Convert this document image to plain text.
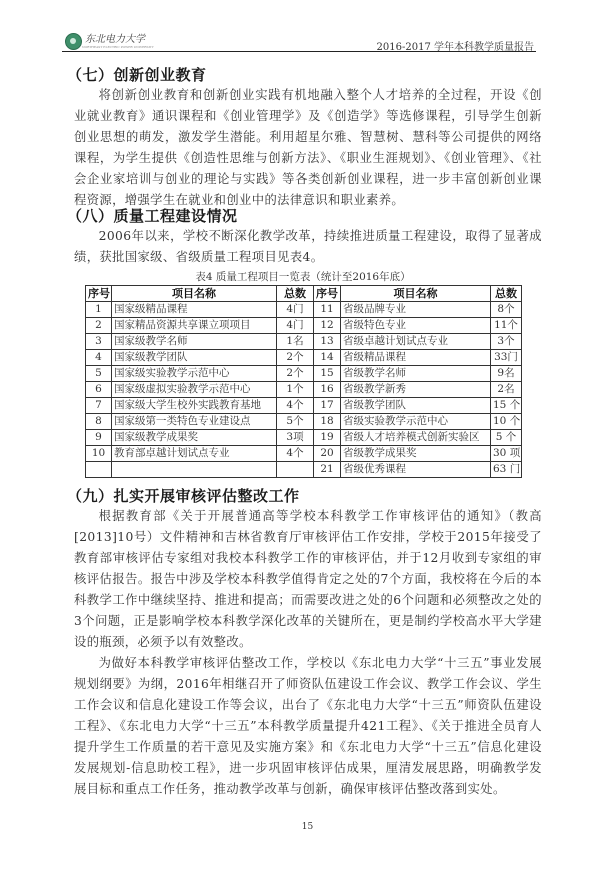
东北电力大学
NORTHEAST ELECTRIC POWER UNIVERSITY	2016-2017 学年本科教学质量报告
（七）创新创业教育
将创新创业教育和创新创业实践有机地融入整个人才培养的全过程，开设《创业就业教育》通识课程和《创业管理学》及《创造学》等选修课程，引导学生创新创业思想的萌发，激发学生潜能。利用超星尔雅、智慧树、慧科等公司提供的网络课程，为学生提供《创造性思维与创新方法》、《职业生涯规划》、《创业管理》、《社会企业家培训与创业的理论与实践》等各类创新创业课程，进一步丰富创新创业课程资源，增强学生在就业和创业中的法律意识和职业素养。
（八）质量工程建设情况
2006年以来，学校不断深化教学改革，持续推进质量工程建设，取得了显著成绩，获批国家级、省级质量工程项目见表4。
表4 质量工程项目一览表（统计至2016年底）
序号	项目名称	总数	序号	项目名称	总数
1	国家级精品课程	4门	11	省级品牌专业	8个
2	国家精品资源共享课立项项目	4门	12	省级特色专业	11个
3	国家级教学名师	1名	13	省级卓越计划试点专业	3个
4	国家级教学团队	2个	14	省级精品课程	33门
5	国家级实验教学示范中心	2个	15	省级教学名师	9名
6	国家级虚拟实验教学示范中心	1个	16	省级教学新秀	2名
7	国家级大学生校外实践教育基地	4个	17	省级教学团队	15 个
8	国家级第一类特色专业建设点	5个	18	省级实验教学示范中心	10 个
9	国家级教学成果奖	3项	19	省级人才培养模式创新实验区	5 个
10	教育部卓越计划试点专业	4个	20	省级教学成果奖	30 项
			21	省级优秀课程	63 门
（九）扎实开展审核评估整改工作
根据教育部《关于开展普通高等学校本科教学工作审核评估的通知》（教高[2013]10号）文件精神和吉林省教育厅审核评估工作安排，学校于2015年接受了教育部审核评估专家组对我校本科教学工作的审核评估，并于12月收到专家组的审核评估报告。报告中涉及学校本科教学值得肯定之处的7个方面，我校将在今后的本科教学工作中继续坚持、推进和提高；而需要改进之处的6个问题和必须整改之处的3个问题，正是影响学校本科教学深化改革的关键所在，更是制约学校高水平大学建设的瓶颈，必须予以有效整改。
为做好本科教学审核评估整改工作，学校以《东北电力大学“十三五”事业发展规划纲要》为纲，2016年相继召开了师资队伍建设工作会议、教学工作会议、学生工作会议和信息化建设工作等会议，出台了《东北电力大学“十三五”师资队伍建设工程》、《东北电力大学“十三五”本科教学质量提升421工程》、《关于推进全员育人提升学生工作质量的若干意见及实施方案》和《东北电力大学“十三五”信息化建设发展规划-信息助校工程》，进一步巩固审核评估成果，厘清发展思路，明确教学发展目标和重点工作任务，推动教学改革与创新，确保审核评估整改落到实处。
15
